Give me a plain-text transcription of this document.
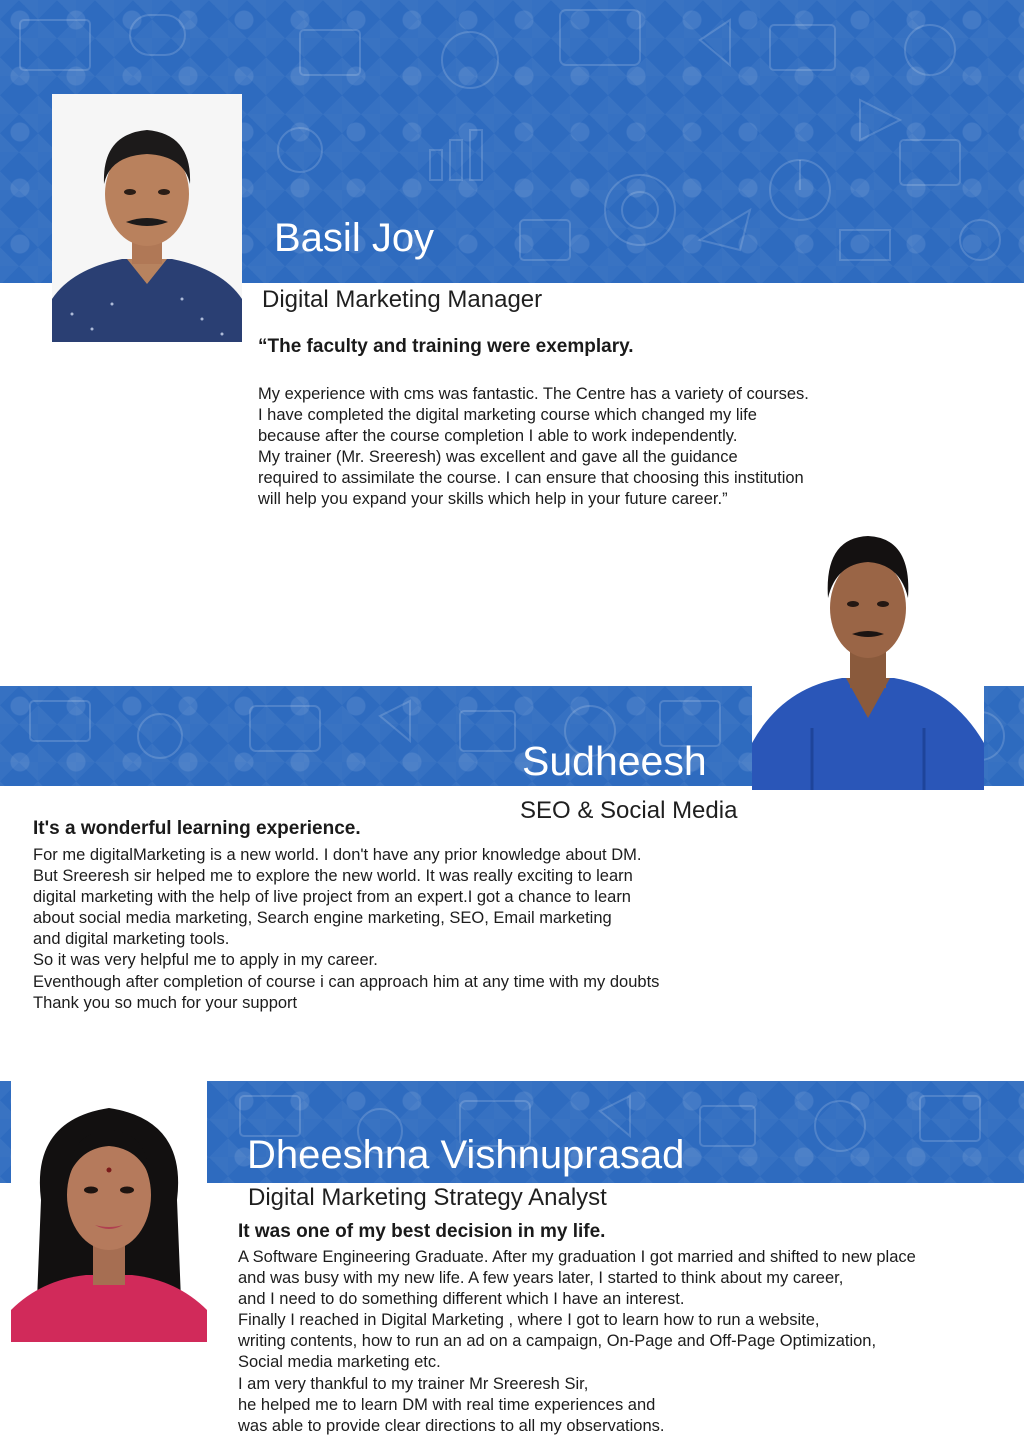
Basil Joy
Digital Marketing Manager
“The faculty and training were exemplary.
My experience with cms was fantastic. The Centre has a variety of courses.
I have completed the digital marketing course which changed my life
because after the course completion I able to work independently.
My trainer (Mr. Sreeresh) was excellent and gave all the guidance
required to assimilate the course. I can ensure that choosing this institution
will help you expand your skills which help in your future career.”
Sudheesh
SEO & Social Media
It's a wonderful learning experience.
For me digitalMarketing is a new world. I don't have any prior knowledge about DM.
But Sreeresh sir helped me to explore the new world. It was really exciting to learn
digital marketing with the help of live project from an expert.I got a chance to learn
about social media marketing, Search engine marketing, SEO, Email marketing
and digital marketing tools.
So it was very helpful me to apply in my career.
Eventhough after completion of course i can approach him at any time with my doubts
Thank you so much for your support
Dheeshna Vishnuprasad
Digital Marketing Strategy Analyst
It was one of my best decision in my life.
A Software Engineering Graduate. After my graduation I got married and shifted to new place
and was busy with my new life. A few years later, I started to think about my career,
and I need to do something different which I have an interest.
Finally I reached in Digital Marketing , where I got to learn how to run a website,
writing contents, how to run an ad on a campaign, On-Page and Off-Page Optimization,
Social media marketing etc.
I am very thankful to my trainer Mr Sreeresh Sir,
he helped me to learn DM with real time experiences and
was able to provide clear directions to all my observations.
